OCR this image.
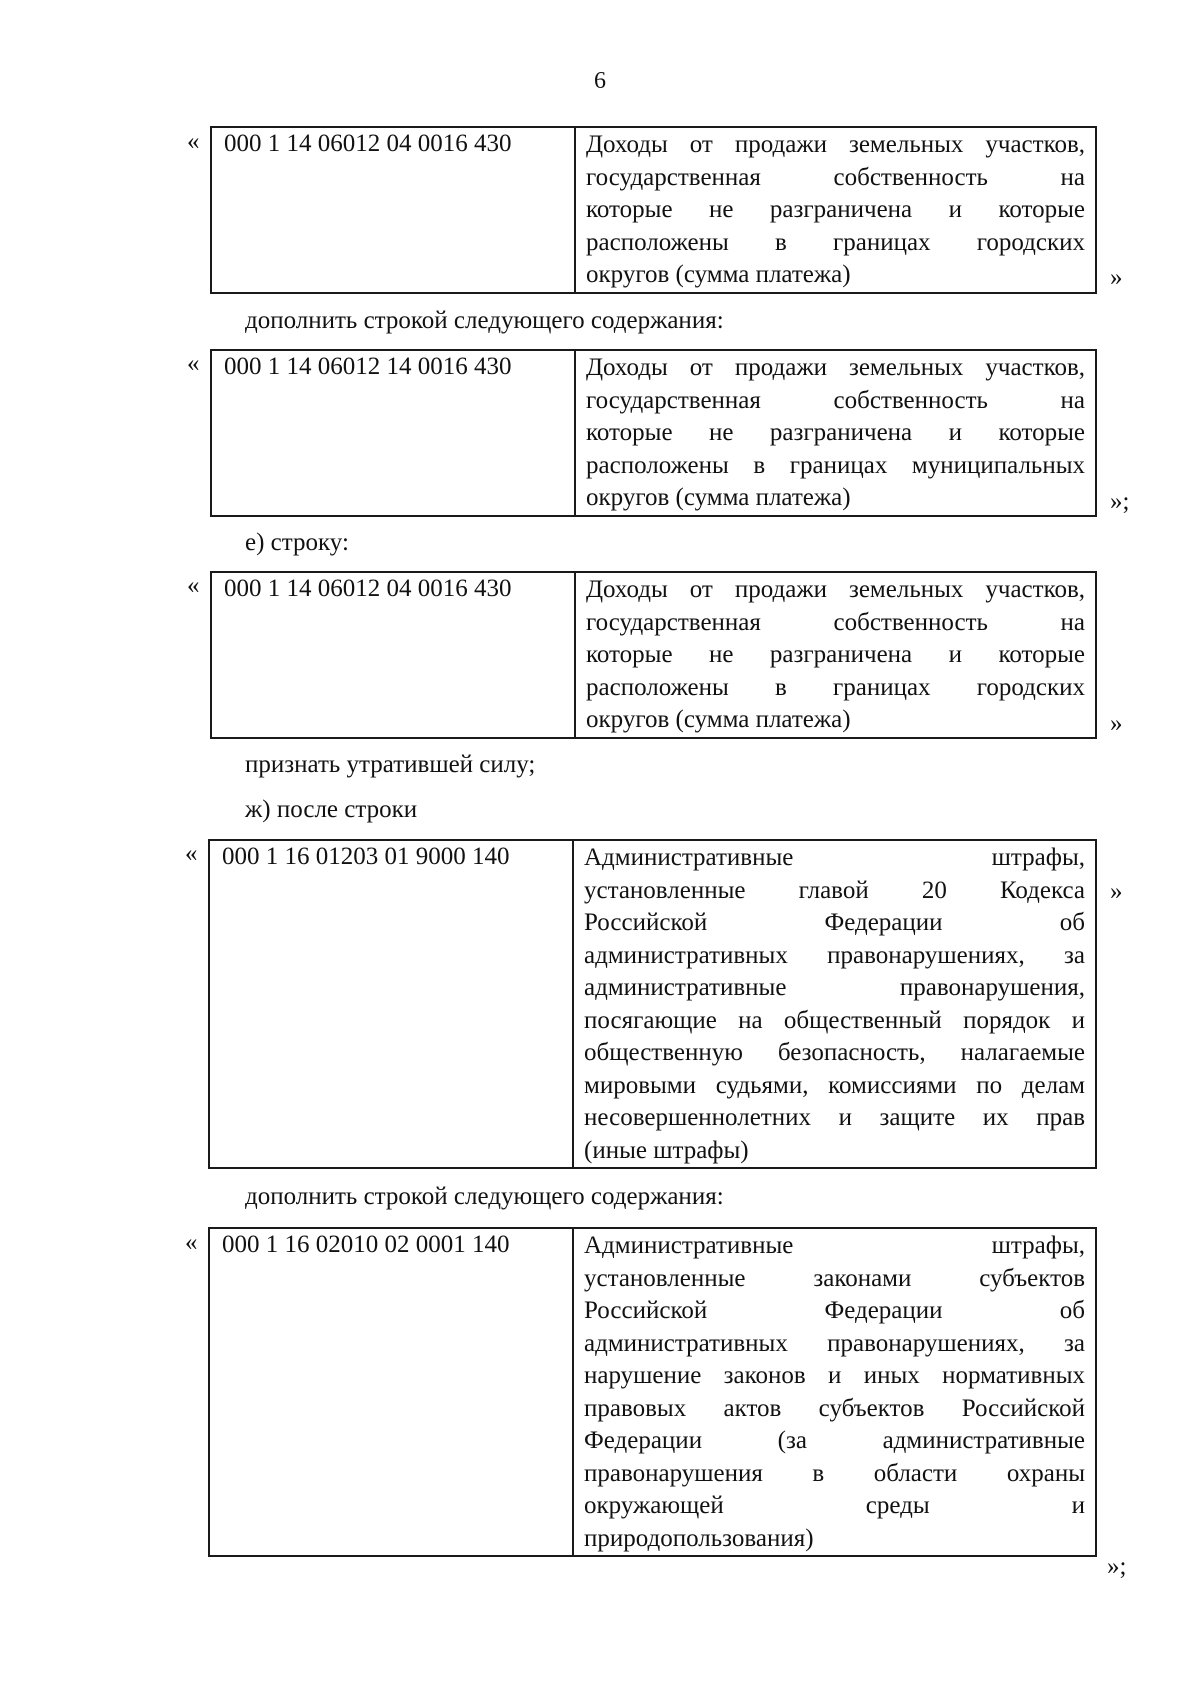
6
« 000 1 14 06012 04 0016 430	Доходы от продажи земельных участков,
государственная собственность на
которые не разграничена и которые
расположены в границах городских
округов (сумма платежа)	»
дополнить строкой следующего содержания:
« 000 1 14 06012 14 0016 430	Доходы от продажи земельных участков,
государственная собственность на
которые не разграничена и которые
расположены в границах муниципальных
округов (сумма платежа)	»;
е) строку:
« 000 1 14 06012 04 0016 430	Доходы от продажи земельных участков,
государственная собственность на
которые не разграничена и которые
расположены в границах городских
округов (сумма платежа)	»
признать утратившей силу;
ж) после строки
« 000 1 16 01203 01 9000 140	Административные штрафы,
установленные главой 20 Кодекса
Российской Федерации об
административных правонарушениях, за
административные правонарушения,
посягающие на общественный порядок и
общественную безопасность, налагаемые
мировыми судьями, комиссиями по делам
несовершеннолетних и защите их прав
(иные штрафы)
»
дополнить строкой следующего содержания:
« 000 1 16 02010 02 0001 140	Административные штрафы,
установленные законами субъектов
Российской Федерации об
административных правонарушениях, за
нарушение законов и иных нормативных
правовых актов субъектов Российской
Федерации (за административные
правонарушения в области охраны
окружающей среды и
природопользования)
»;
